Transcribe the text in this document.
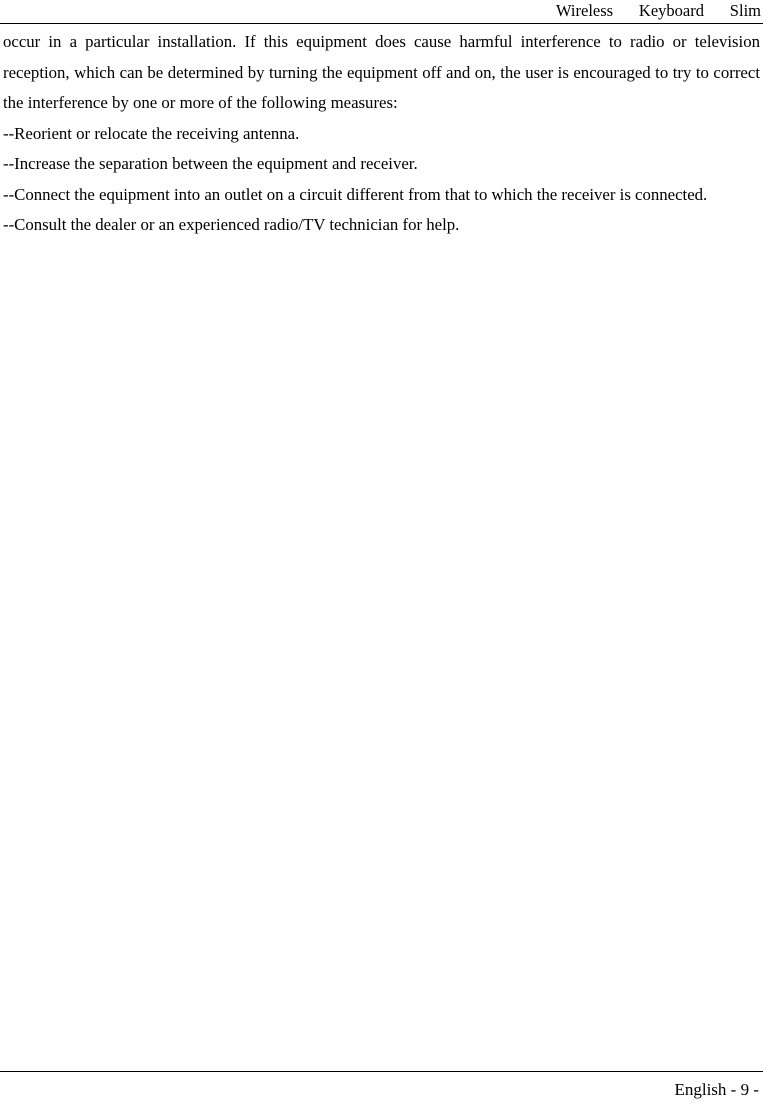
Wireless Keyboard Slim

occur in a particular installation. If this equipment does cause harmful interference to radio or television reception, which can be determined by turning the equipment off and on, the user is encouraged to try to correct the interference by one or more of the following measures:

--Reorient or relocate the receiving antenna.

--Increase the separation between the equipment and receiver.

--Connect the equipment into an outlet on a circuit different from that to which the receiver is connected.

--Consult the dealer or an experienced radio/TV technician for help.

English - 9 -
